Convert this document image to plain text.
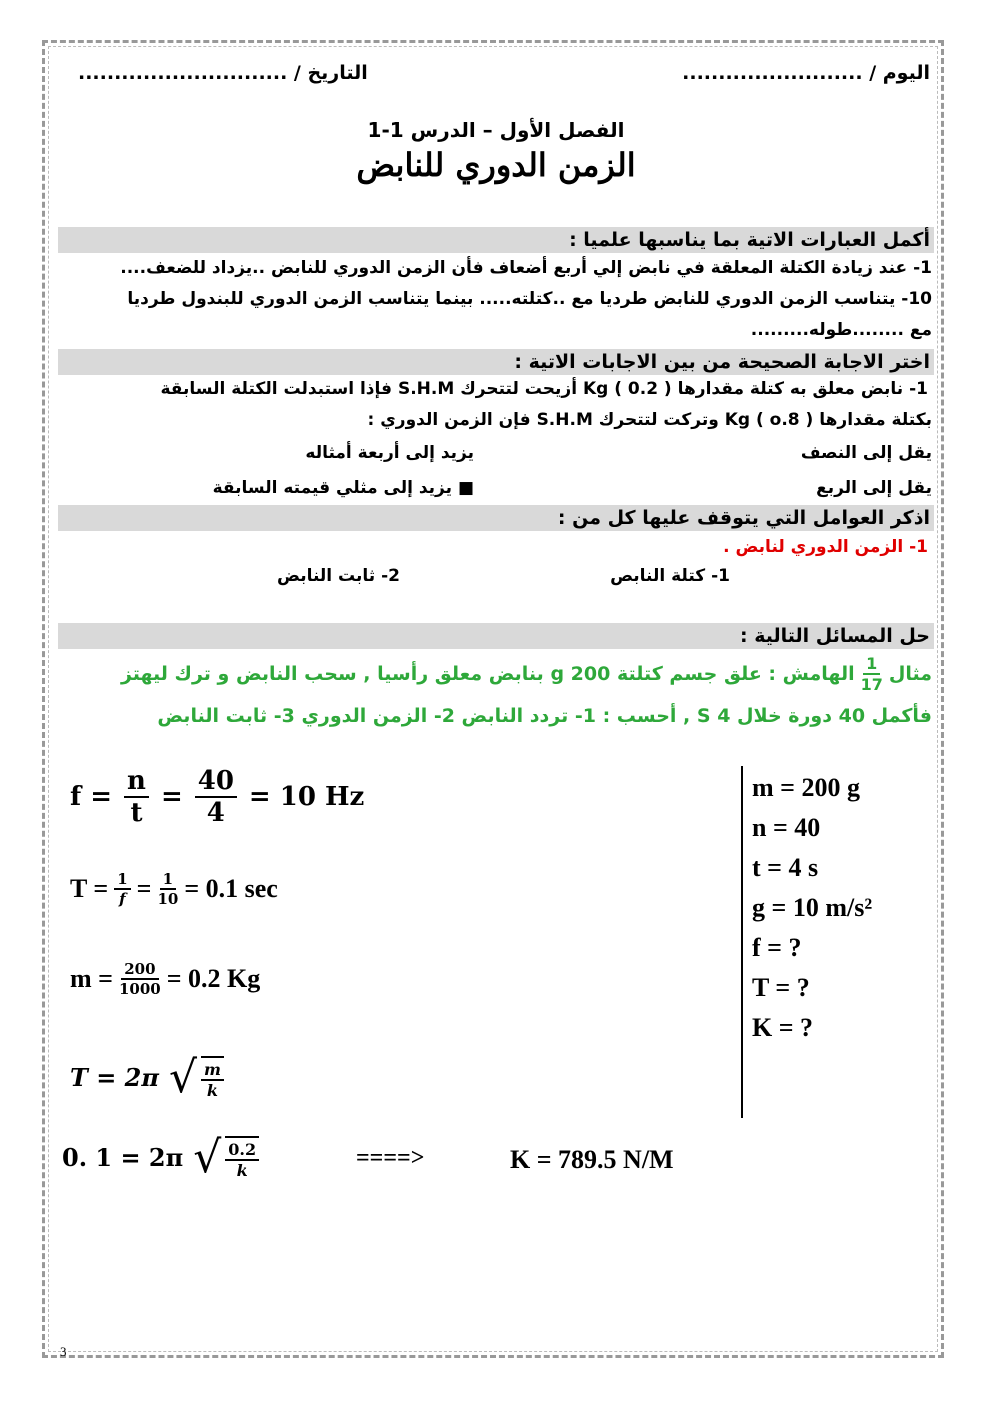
اليوم / .........................
التاريخ / .............................
الفصل الأول – الدرس 1-1
الزمن الدوري للنابض
أكمل العبارات الاتية بما يناسبها علميا :
1- عند زيادة الكتلة المعلقة في نابض إلي أربع أضعاف فأن الزمن الدوري للنابض ..يزداد للضعف....
10- يتناسب الزمن الدوري للنابض طرديا مع ..كتلته..... بينما يتناسب الزمن الدوري للبندول طرديا
مع ........طوله.........
اختر الاجابة الصحيحة من بين الاجابات الاتية :
1- نابض معلق به كتلة مقدارها Kg ( 0.2 ) أزيحت لتتحرك S.H.M فإذا استبدلت الكتلة السابقة
بكتلة مقدارها Kg ( o.8 ) وتركت لتتحرك S.H.M فإن الزمن الدوري :
يقل إلى النصف
يزيد إلى أربعة أمثاله
يقل إلى الربع
■ يزيد إلى مثلي قيمته السابقة
اذكر العوامل التي يتوقف عليها كل من :
1- الزمن الدوري لنابض .
1- كتلة النابص
2- ثابت النابض
حل المسائل التالية :
مثال
$\frac{1}{17}$
الهامش : علق جسم كتلتة 200 g بنابض معلق رأسيا , سحب النابض و ترك ليهتز
فأكمل 40 دورة خلال 4 S , أحسب : 1- تردد النابض 2- الزمن الدوري 3- ثابت النابض
m = 200 g
n = 40
t = 4 s
g = 10 m/s²
f = ?
T = ?
K = ?
$f = \frac{n}{t} = \frac{40}{4} = 10$ Hz
$T = \frac{1}{f} = \frac{1}{10} = 0.1$ sec
$m = \frac{200}{1000} = 0.2$ Kg
T = 2π √ $\frac{m}{k}$
0. 1 = 2π √ $\frac{0.2}{k}$	====>	K = 789.5 N/M
3
